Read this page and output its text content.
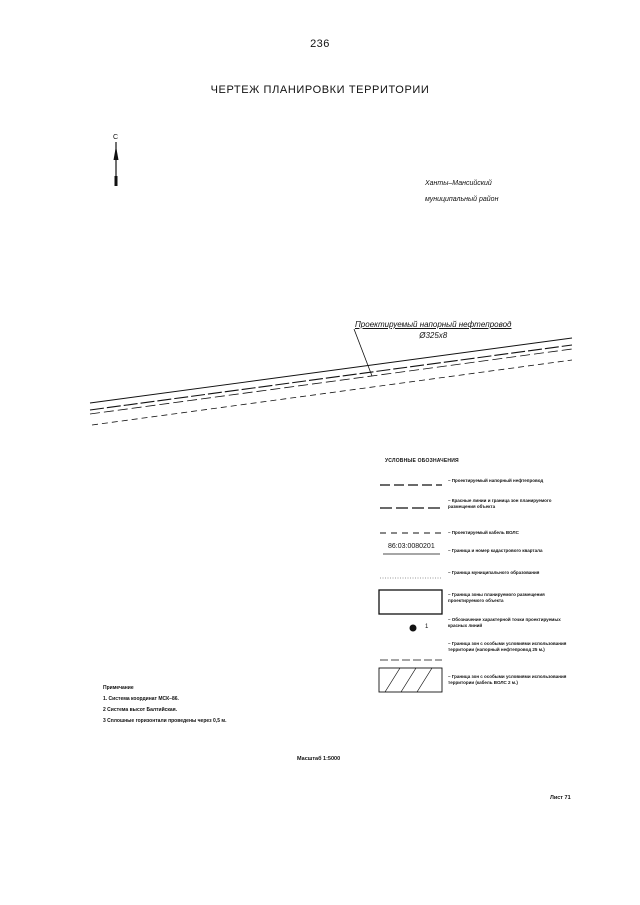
236
ЧЕРТЕЖ ПЛАНИРОВКИ ТЕРРИТОРИИ
С
Ханты–Мансийский
муниципальный район
Проектируемый напорный нефтепровод
Ø325х8
УСЛОВНЫЕ ОБОЗНАЧЕНИЯ
1
86:03:0080201
– Проектируемый напорный нефтепровод
– Красные линии и граница зон планируемого размещения объекта
– Проектируемый кабель ВОЛС
– Граница и номер кадастрового квартала
– Граница муниципального образования
– Граница зоны планируемого размещения проектируемого объекта
– Обозначение характерной точки проектируемых красных линий
– Граница зон с особыми условиями использования территории (напорный нефтепровод 25 м.)
– Граница зон с особыми условиями использования территории (кабель ВОЛС 2 м.)
Примечание
1. Система координат МСК–86.
2 Система высот Балтийская.
3 Сплошные горизонтали проведены через 0,5 м.
Масштаб 1:5000
Лист 71
